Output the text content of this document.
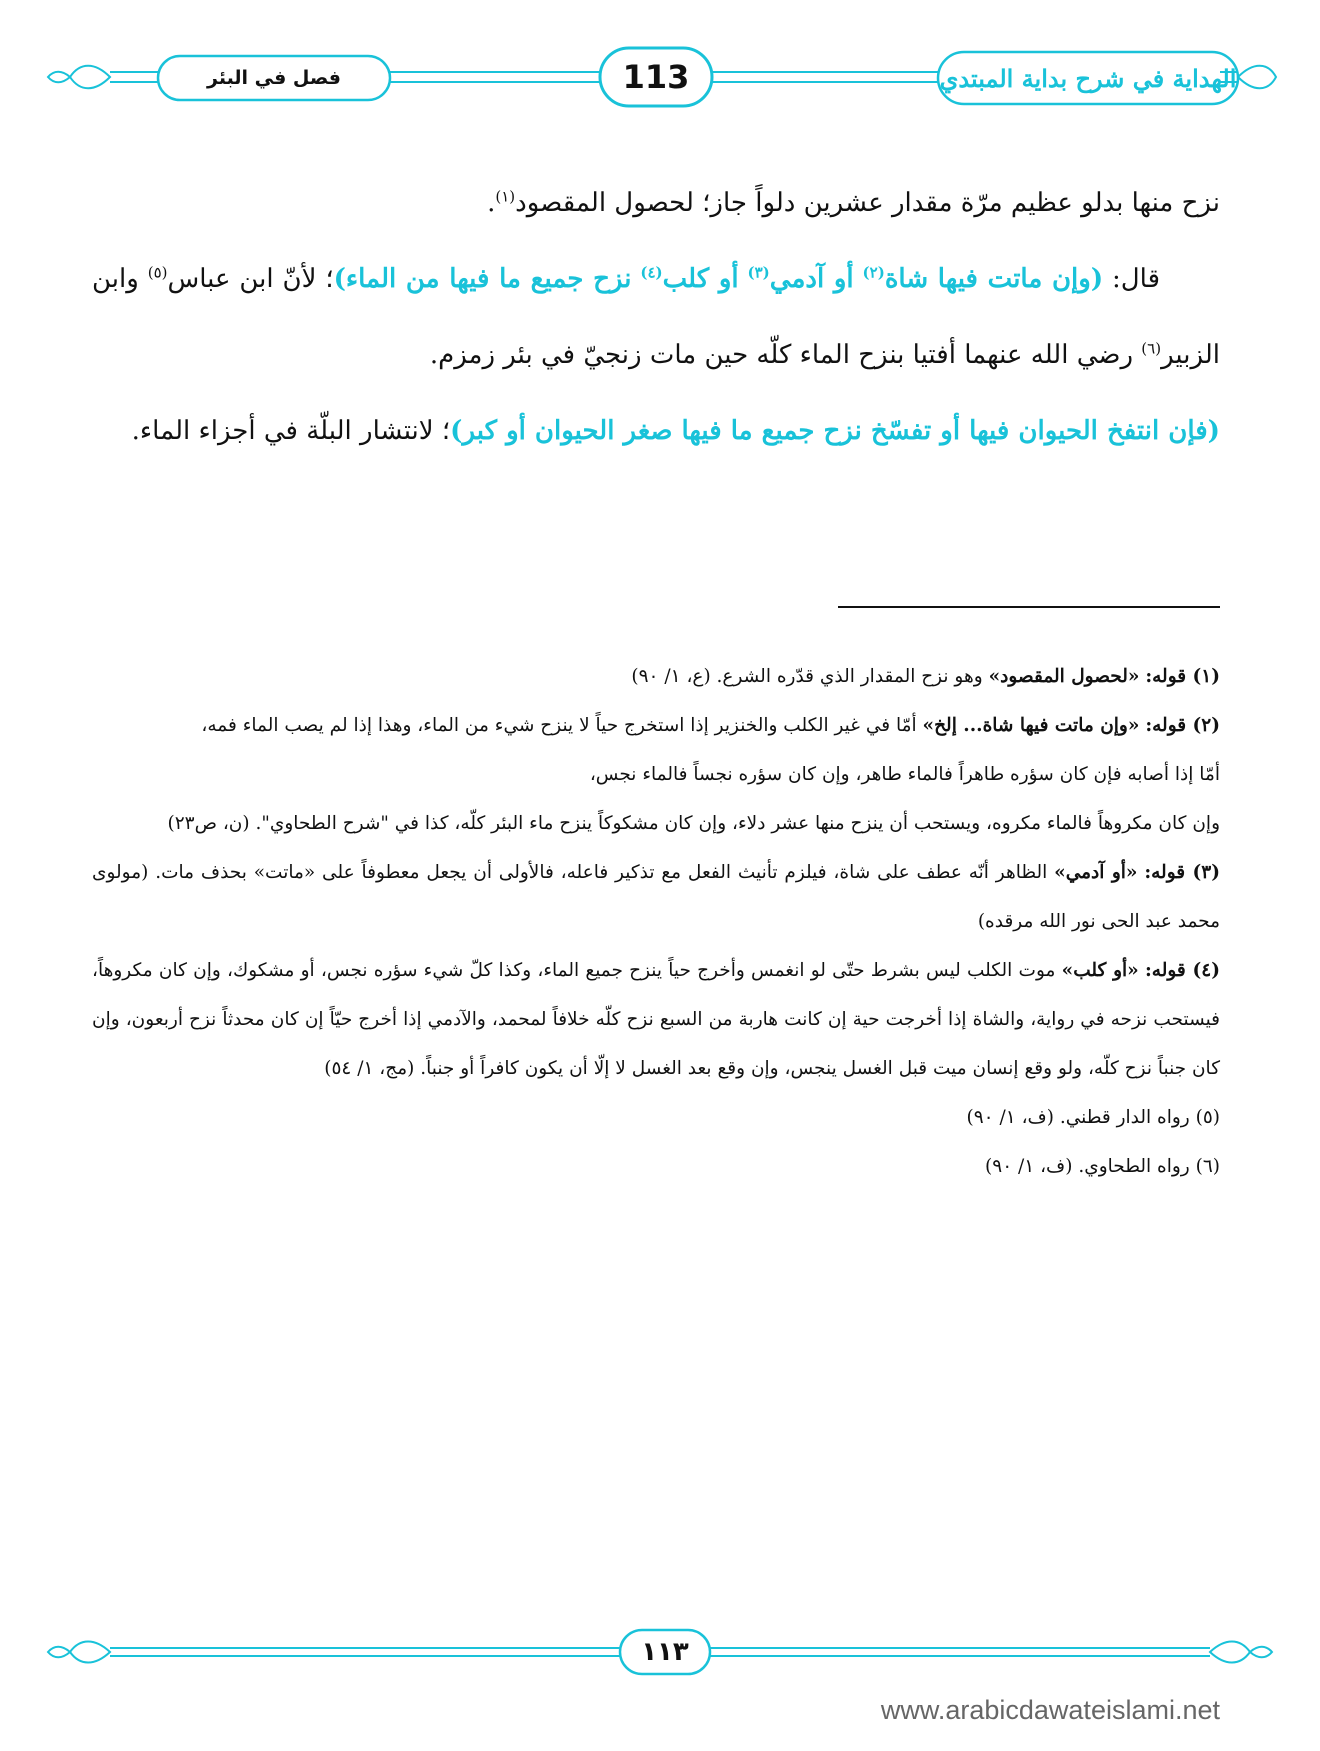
فصل في البئر	113	الهداية في شرح بداية المبتدي

نزح منها بدلو عظيم مرّة مقدار عشرين دلواً جاز؛ لحصول المقصود$^{(١)}$.

قال: (وإن ماتت فيها شاة$^{(٢)}$ أو آدمي$^{(٣)}$ أو كلب$^{(٤)}$ نزح جميع ما فيها من الماء)؛ لأنّ ابن عباس$^{(٥)}$ وابن الزبير$^{(٦)}$ رضي الله عنهما أفتيا بنزح الماء كلّه حين مات زنجيّ في بئر زمزم.

(فإن انتفخ الحيوان فيها أو تفسّخ نزح جميع ما فيها صغر الحيوان أو كبر)؛ لانتشار البلّة في أجزاء الماء.

(١) قوله: «لحصول المقصود» وهو نزح المقدار الذي قدّره الشرع. (ع، ١/ ٩٠)

(٢) قوله: «وإن ماتت فيها شاة... إلخ» أمّا في غير الكلب والخنزير إذا استخرج حياً لا ينزح شيء من الماء، وهذا إذا لم يصب الماء فمه،

أمّا إذا أصابه فإن كان سؤره طاهراً فالماء طاهر، وإن كان سؤره نجساً فالماء نجس،

وإن كان مكروهاً فالماء مكروه، ويستحب أن ينزح منها عشر دلاء، وإن كان مشكوكاً ينزح ماء البئر كلّه، كذا في "شرح الطحاوي". (ن، ص٢٣)

(٣) قوله: «أو آدمي» الظاهر أنّه عطف على شاة، فيلزم تأنيث الفعل مع تذكير فاعله، فالأولى أن يجعل معطوفاً على «ماتت» بحذف مات. (مولوى محمد عبد الحى نور الله مرقده)

(٤) قوله: «أو كلب» موت الكلب ليس بشرط حتّى لو انغمس وأخرج حياً ينزح جميع الماء، وكذا كلّ شيء سؤره نجس، أو مشكوك، وإن كان مكروهاً، فيستحب نزحه في رواية، والشاة إذا أخرجت حية إن كانت هاربة من السبع نزح كلّه خلافاً لمحمد، والآدمي إذا أخرج حيّاً إن كان محدثاً نزح أربعون، وإن كان جنباً نزح كلّه، ولو وقع إنسان ميت قبل الغسل ينجس، وإن وقع بعد الغسل لا إلّا أن يكون كافراً أو جنباً. (مج، ١/ ٥٤)

(٥) رواه الدار قطني. (ف، ١/ ٩٠)

(٦) رواه الطحاوي. (ف، ١/ ٩٠)

١١٣
www.arabicdawateislami.net
